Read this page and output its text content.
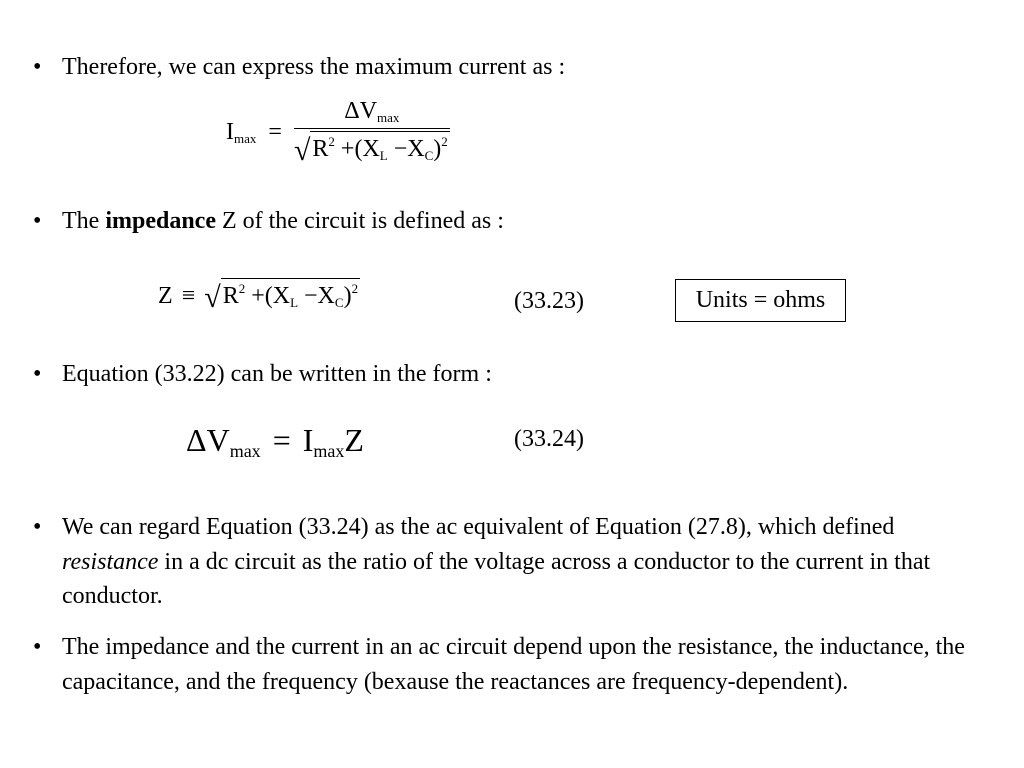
• Therefore, we can express the maximum current as :
$I_{max} = \frac{\Delta V_{max}}{√R^2 +(X_L -X_C)^2}$
• The impedance Z of the circuit is defined as :
$Z \equiv √R^2 +(X_L -X_C)^2$	(33.23)	Units = ohms
• Equation (33.22) can be written in the form :
$\Delta V_{max} = I_{max}Z$	(33.24)
• We can regard Equation (33.24) as the ac equivalent of Equation (27.8), which defined resistance in a dc circuit as the ratio of the voltage across a conductor to the current in that conductor.
• The impedance and the current in an ac circuit depend upon the resistance, the inductance, the capacitance, and the frequency (bexause the reactances are frequency-dependent).
